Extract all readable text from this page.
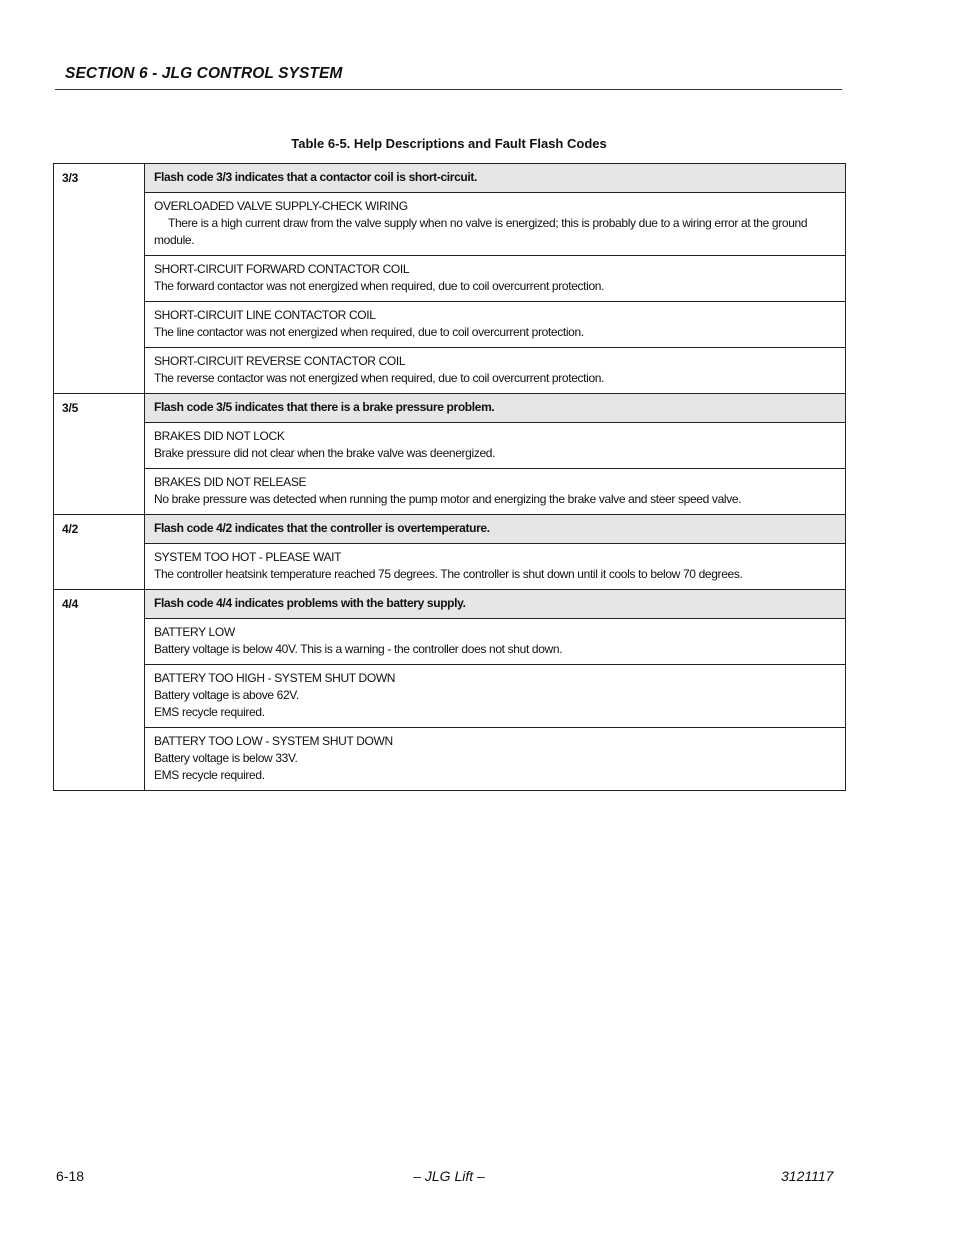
SECTION 6 - JLG CONTROL SYSTEM
Table 6-5. Help Descriptions and Fault Flash Codes
3/3	Flash code 3/3 indicates that a contactor coil is short-circuit.

	OVERLOADED VALVE SUPPLY-CHECK WIRING
There is a high current draw from the valve supply when no valve is energized; this is probably due to a wiring error at the ground module.

	SHORT-CIRCUIT FORWARD CONTACTOR COIL
The forward contactor was not energized when required, due to coil overcurrent protection.

	SHORT-CIRCUIT LINE CONTACTOR COIL
The line contactor was not energized when required, due to coil overcurrent protection.

	SHORT-CIRCUIT REVERSE CONTACTOR COIL
The reverse contactor was not energized when required, due to coil overcurrent protection.

3/5	Flash code 3/5 indicates that there is a brake pressure problem.

	BRAKES DID NOT LOCK
Brake pressure did not clear when the brake valve was deenergized.

	BRAKES DID NOT RELEASE
No brake pressure was detected when running the pump motor and energizing the brake valve and steer speed valve.

4/2	Flash code 4/2 indicates that the controller is overtemperature.

	SYSTEM TOO HOT - PLEASE WAIT
The controller heatsink temperature reached 75 degrees. The controller is shut down until it cools to below 70 degrees.

4/4	Flash code 4/4 indicates problems with the battery supply.

	BATTERY LOW
Battery voltage is below 40V. This is a warning - the controller does not shut down.

	BATTERY TOO HIGH - SYSTEM SHUT DOWN
Battery voltage is above 62V.
EMS recycle required.

	BATTERY TOO LOW - SYSTEM SHUT DOWN
Battery voltage is below 33V.
EMS recycle required.
6-18	– JLG Lift –	3121117
